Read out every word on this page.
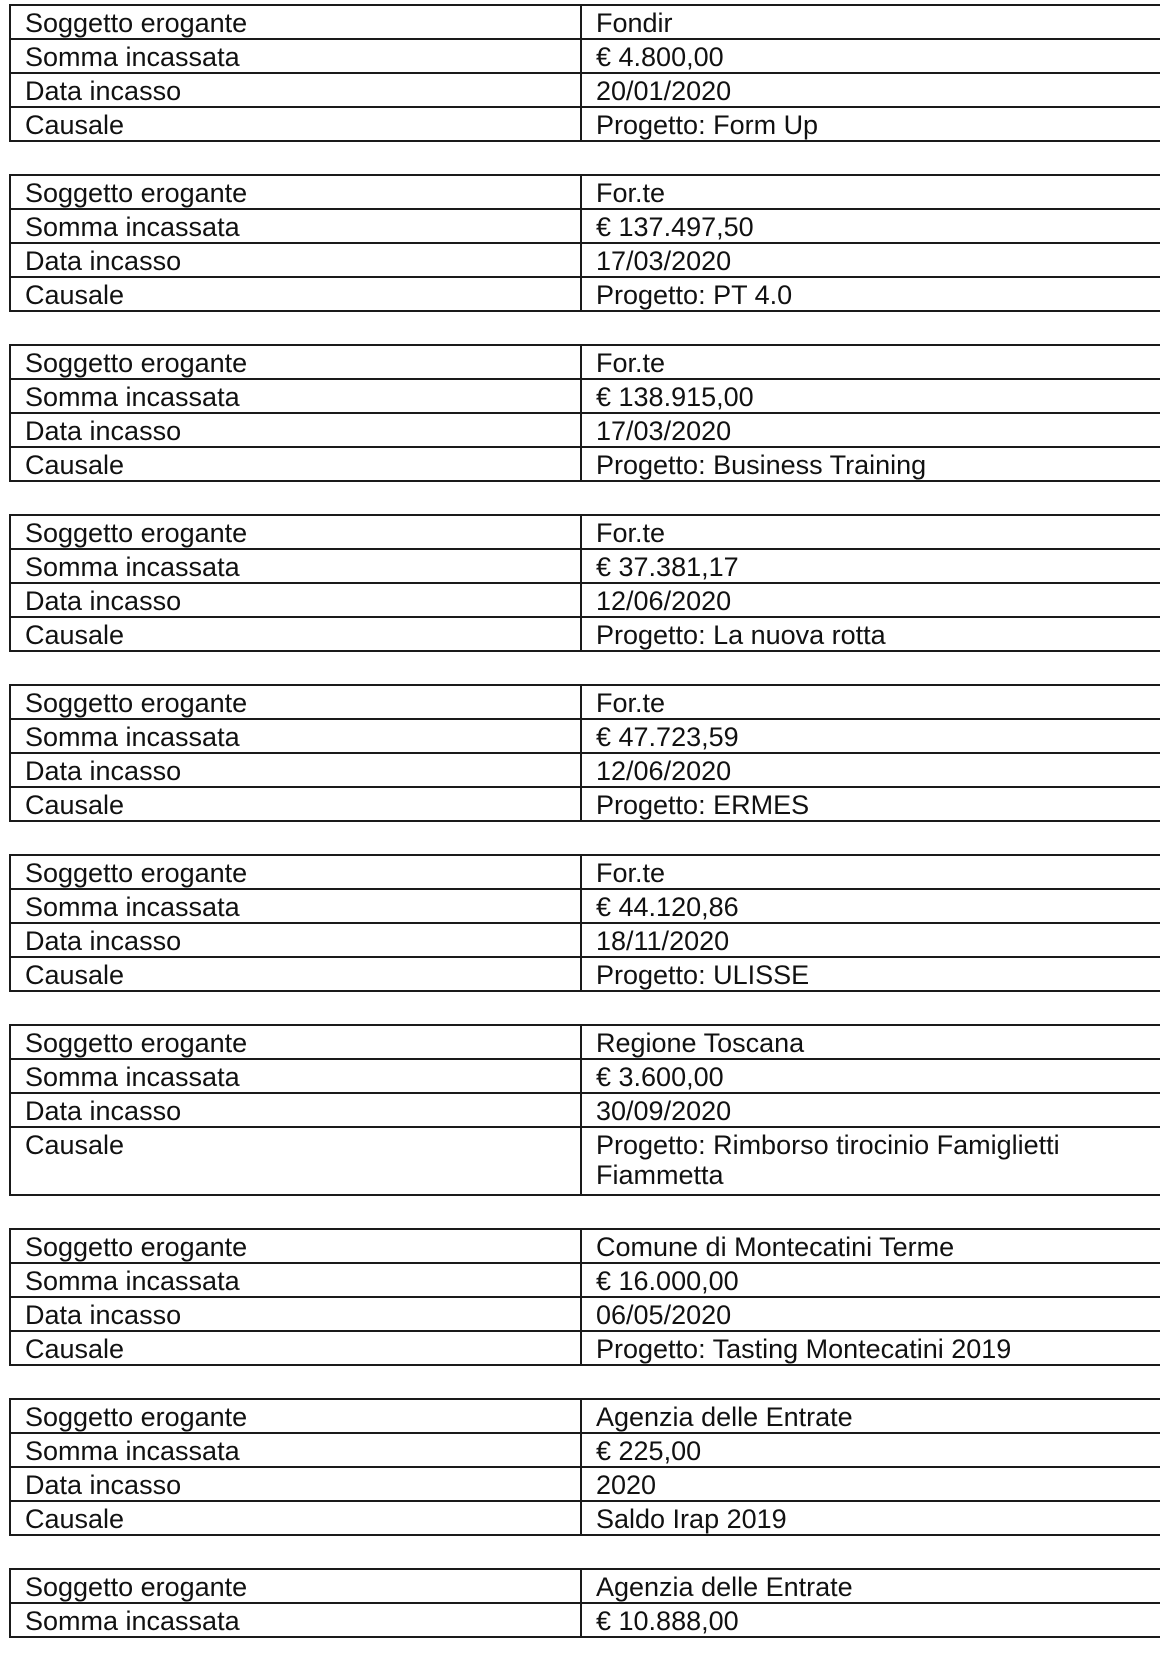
Soggetto erogante	Fondir
Somma incassata	€ 4.800,00
Data incasso	20/01/2020
Causale	Progetto: Form Up
Soggetto erogante	For.te
Somma incassata	€ 137.497,50
Data incasso	17/03/2020
Causale	Progetto: PT 4.0
Soggetto erogante	For.te
Somma incassata	€ 138.915,00
Data incasso	17/03/2020
Causale	Progetto: Business Training
Soggetto erogante	For.te
Somma incassata	€ 37.381,17
Data incasso	12/06/2020
Causale	Progetto: La nuova rotta
Soggetto erogante	For.te
Somma incassata	€ 47.723,59
Data incasso	12/06/2020
Causale	Progetto: ERMES
Soggetto erogante	For.te
Somma incassata	€ 44.120,86
Data incasso	18/11/2020
Causale	Progetto: ULISSE
Soggetto erogante	Regione Toscana
Somma incassata	€ 3.600,00
Data incasso	30/09/2020
Causale	Progetto: Rimborso tirocinio Famiglietti Fiammetta
Soggetto erogante	Comune di Montecatini Terme
Somma incassata	€ 16.000,00
Data incasso	06/05/2020
Causale	Progetto: Tasting Montecatini 2019
Soggetto erogante	Agenzia delle Entrate
Somma incassata	€ 225,00
Data incasso	2020
Causale	Saldo Irap 2019
Soggetto erogante	Agenzia delle Entrate
Somma incassata	€ 10.888,00
